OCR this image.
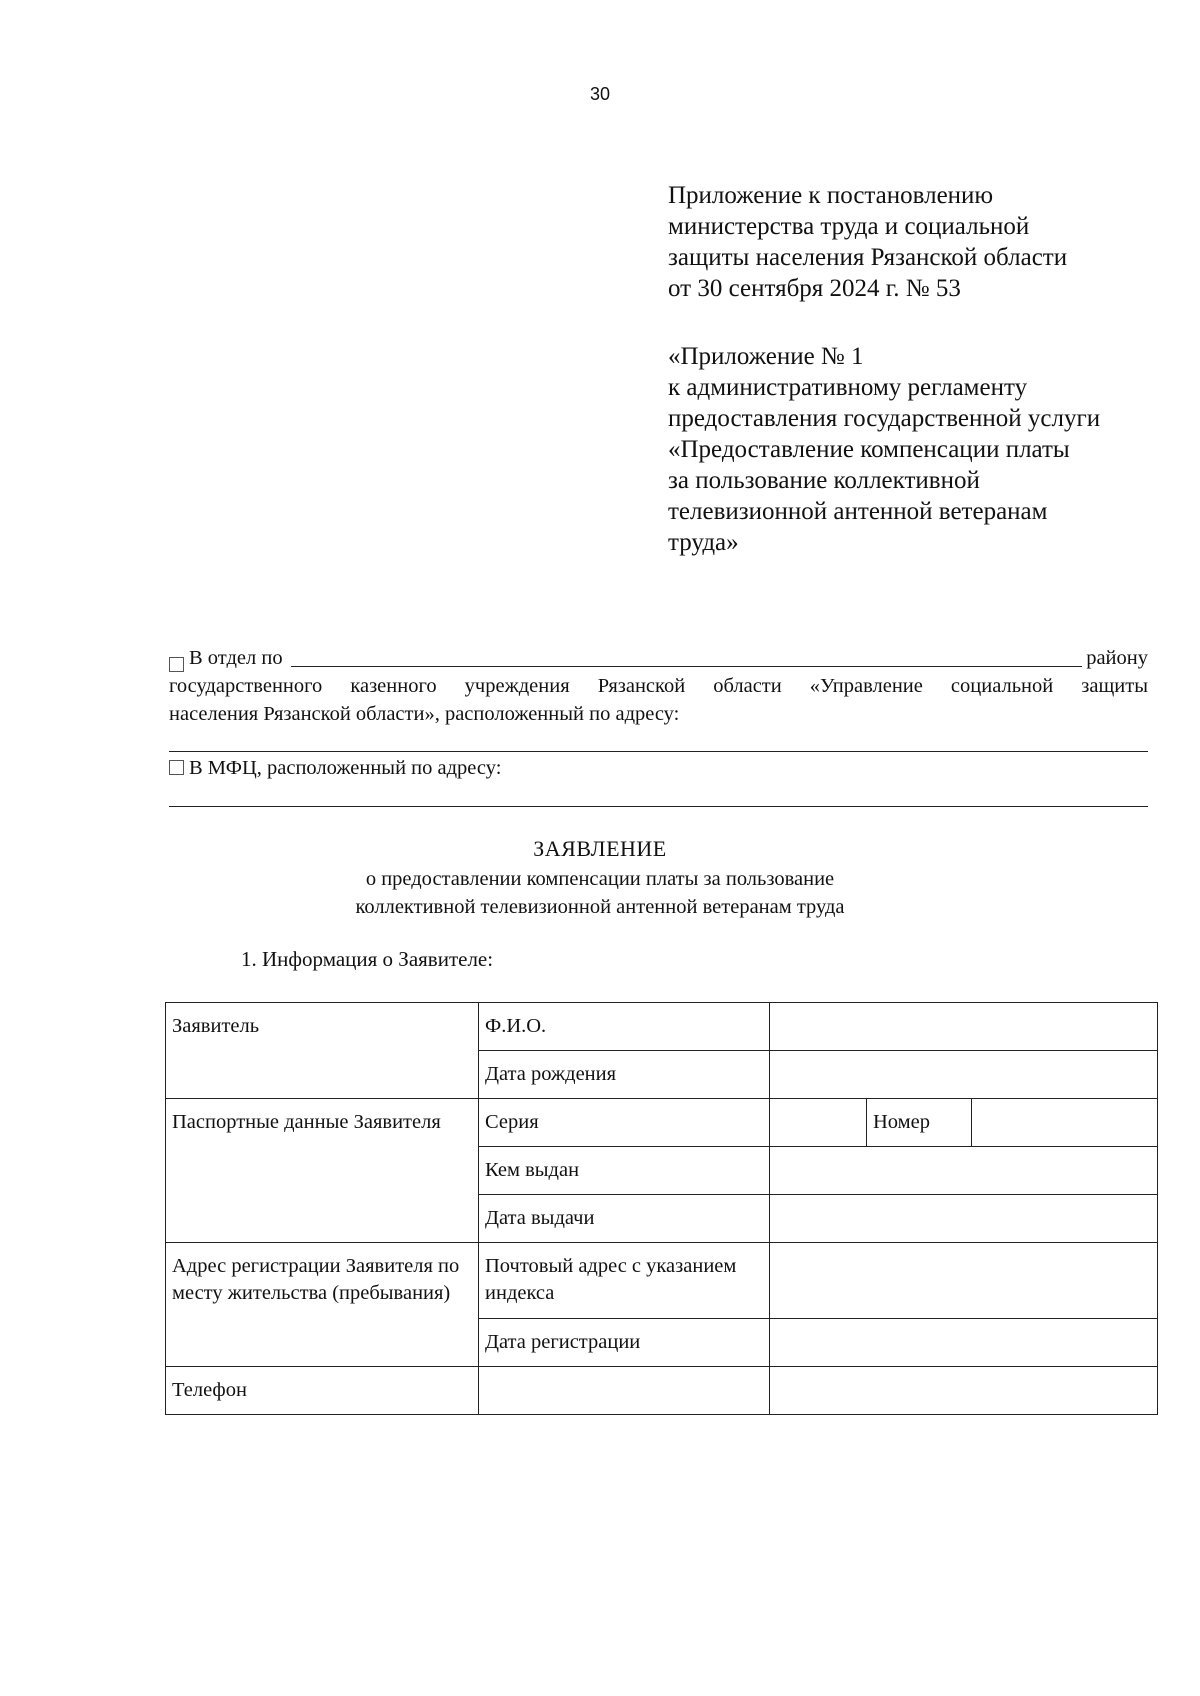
30
Приложение к постановлению
министерства труда и социальной
защиты населения Рязанской области
от 30 сентября 2024 г. № 53
«Приложение № 1
к административному регламенту
предоставления государственной услуги
«Предоставление компенсации платы
за пользование коллективной
телевизионной антенной ветеранам
труда»
В отдел по	району
государственного казенного учреждения Рязанской области «Управление социальной защиты
населения Рязанской области», расположенный по адресу:
В МФЦ, расположенный по адресу:
ЗАЯВЛЕНИЕ
о предоставлении компенсации платы за пользование
коллективной телевизионной антенной ветеранам труда
1. Информация о Заявителе:
Заявитель	Ф.И.О.			
	Дата рождения			
Паспортные данные Заявителя	Серия		Номер	
	Кем выдан			
	Дата выдачи			
Адрес регистрации Заявителя по месту жительства (пребывания)	Почтовый адрес с указанием индекса			
	Дата регистрации			
Телефон				
